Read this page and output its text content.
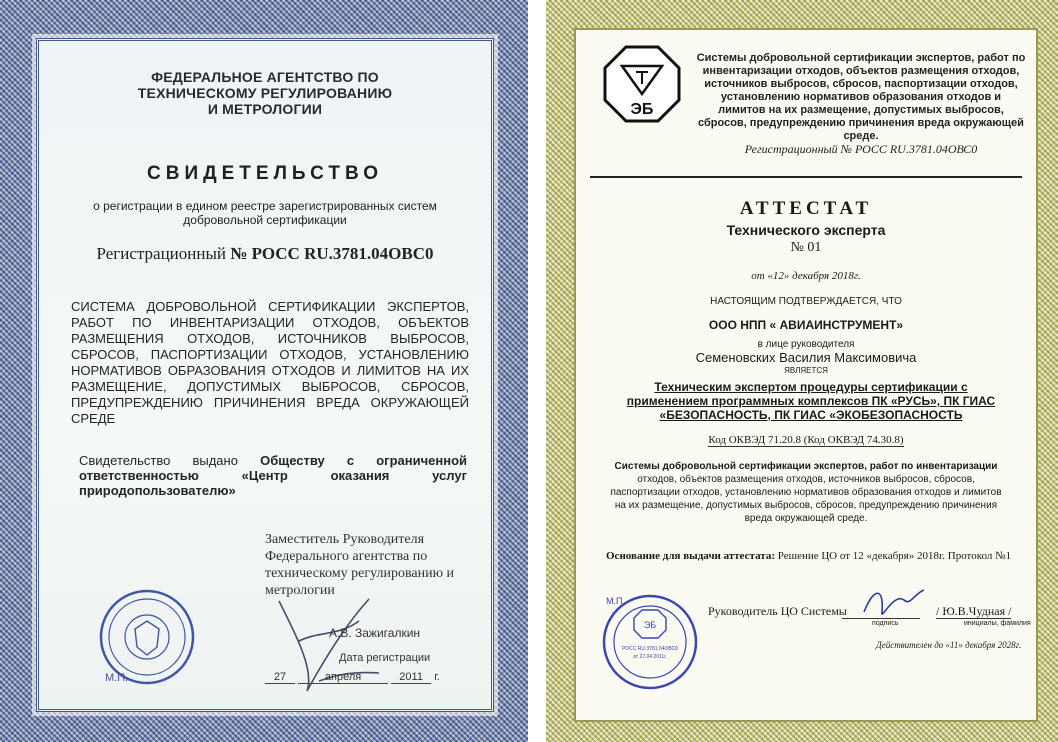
ФЕДЕРАЛЬНОЕ АГЕНТСТВО ПО
ТЕХНИЧЕСКОМУ РЕГУЛИРОВАНИЮ
И МЕТРОЛОГИИ
СВИДЕТЕЛЬСТВО
о регистрации в едином реестре зарегистрированных систем добровольной сертификации
Регистрационный № РОСС RU.3781.04ОВС0
СИСТЕМА ДОБРОВОЛЬНОЙ СЕРТИФИКАЦИИ ЭКСПЕРТОВ, РАБОТ ПО ИНВЕНТАРИЗАЦИИ ОТХОДОВ, ОБЪЕКТОВ РАЗМЕЩЕНИЯ ОТХОДОВ, ИСТОЧНИКОВ ВЫБРОСОВ, СБРОСОВ, ПАСПОРТИЗАЦИИ ОТХОДОВ, УСТАНОВЛЕНИЮ НОРМАТИВОВ ОБРАЗОВАНИЯ ОТХОДОВ И ЛИМИТОВ НА ИХ РАЗМЕЩЕНИЕ, ДОПУСТИМЫХ ВЫБРОСОВ, СБРОСОВ, ПРЕДУПРЕЖДЕНИЮ ПРИЧИНЕНИЯ ВРЕДА ОКРУЖАЮЩЕЙ СРЕДЕ
Свидетельство выдано Обществу с ограниченной ответственностью «Центр оказания услуг природопользователю»
Заместитель Руководителя Федерального агентства по техническому регулированию и метрологии
А.В. Зажигалкин
Дата регистрации
27	апреля	2011 г.
М.П.
ЭБ
Системы добровольной сертификации экспертов, работ по инвентаризации отходов, объектов размещения отходов, источников выбросов, сбросов, паспортизации отходов, установлению нормативов образования отходов и лимитов на их размещение, допустимых выбросов, сбросов, предупреждению причинения вреда окружающей среде.
Регистрационный № РОСС RU.3781.04ОВС0
АТТЕСТАТ
Технического эксперта
№ 01
от «12» декабря 2018г.
НАСТОЯЩИМ ПОДТВЕРЖДАЕТСЯ, ЧТО
ООО НПП « АВИАИНСТРУМЕНТ»
в лице руководителя
Семеновских Василия Максимовича
ЯВЛЯЕТСЯ
Техническим экспертом процедуры сертификации с применением программных комплексов ПК «РУСЬ», ПК ГИАС «БЕЗОПАСНОСТЬ, ПК ГИАС «ЭКОБЕЗОПАСНОСТЬ
Код ОКВЭД 71.20.8 (Код ОКВЭД 74.30.8)
Системы добровольной сертификации экспертов, работ по инвентаризации
отходов, объектов размещения отходов, источников выбросов, сбросов, паспортизации отходов, установлению нормативов образования отходов и лимитов на их размещение, допустимых выбросов, сбросов, предупреждению причинения вреда окружающей среде.
Основание для выдачи аттестата: Решение ЦО от 12 «декабря» 2018г. Протокол №1
ЭБ
РОСС RU.3781.04ОВС0
от 27.04.2011г.
М.П.
Руководитель ЦО Системы	/ Ю.В.Чудная /
подпись	инициалы, фамилия
Действителен до «11» декабря 2028г.
